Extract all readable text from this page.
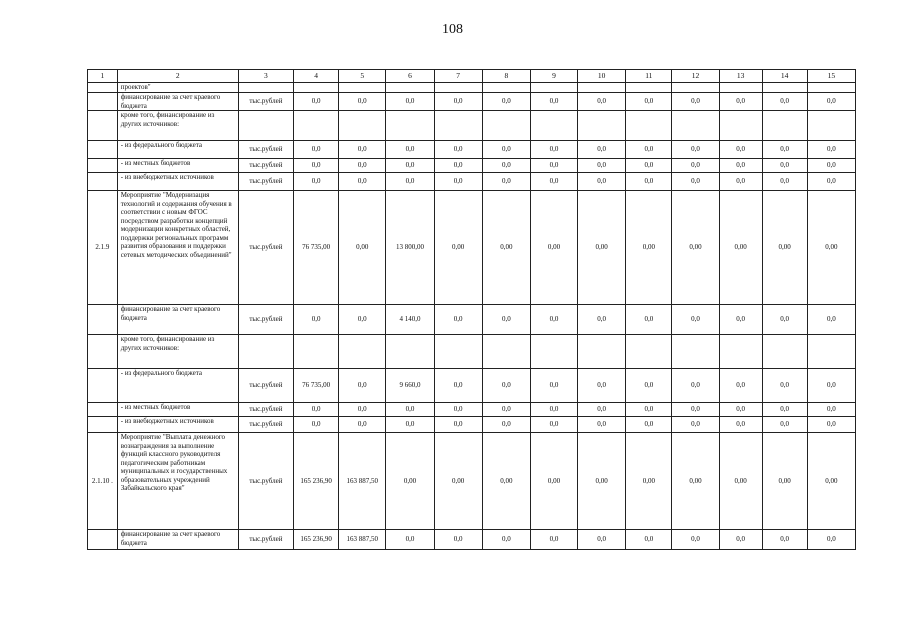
108
1	2	3	4	5	6	7	8	9	10	11	12	13	14	15
	проектов"													
	финансирование за счет краевого бюджета	тыс.рублей	0,0	0,0	0,0	0,0	0,0	0,0	0,0	0,0	0,0	0,0	0,0	0,0
	кроме того, финансирование из других источников:													
	- из федерального бюджета	тыс.рублей	0,0	0,0	0,0	0,0	0,0	0,0	0,0	0,0	0,0	0,0	0,0	0,0
	- из местных бюджетов	тыс.рублей	0,0	0,0	0,0	0,0	0,0	0,0	0,0	0,0	0,0	0,0	0,0	0,0
	- из внебюджетных источников	тыс.рублей	0,0	0,0	0,0	0,0	0,0	0,0	0,0	0,0	0,0	0,0	0,0	0,0
2.1.9	Мероприятие "Модернизация технологий и содержания обучения в соответствии с новым ФГОС посредством разработки концепций модернизации конкретных областей, поддержки региональных программ развития образования и поддержки сетевых методических объединений"	тыс.рублей	76 735,00	0,00	13 800,00	0,00	0,00	0,00	0,00	0,00	0,00	0,00	0,00	0,00
	финансирование за счет краевого бюджета	тыс.рублей	0,0	0,0	4 140,0	0,0	0,0	0,0	0,0	0,0	0,0	0,0	0,0	0,0
	кроме того, финансирование из других источников:													
	- из федерального бюджета	тыс.рублей	76 735,00	0,0	9 660,0	0,0	0,0	0,0	0,0	0,0	0,0	0,0	0,0	0,0
	- из местных бюджетов	тыс.рублей	0,0	0,0	0,0	0,0	0,0	0,0	0,0	0,0	0,0	0,0	0,0	0,0
	- из внебюджетных источников	тыс.рублей	0,0	0,0	0,0	0,0	0,0	0,0	0,0	0,0	0,0	0,0	0,0	0,0
2.1.10 .	Мероприятие "Выплата денежного вознаграждения за выполнение функций классного руководителя педагогическим работникам муниципальных и государственных образовательных учреждений Забайкальского края"	тыс.рублей	165 236,90	163 887,50	0,00	0,00	0,00	0,00	0,00	0,00	0,00	0,00	0,00	0,00
	финансирование за счет краевого бюджета	тыс.рублей	165 236,90	163 887,50	0,0	0,0	0,0	0,0	0,0	0,0	0,0	0,0	0,0	0,0
